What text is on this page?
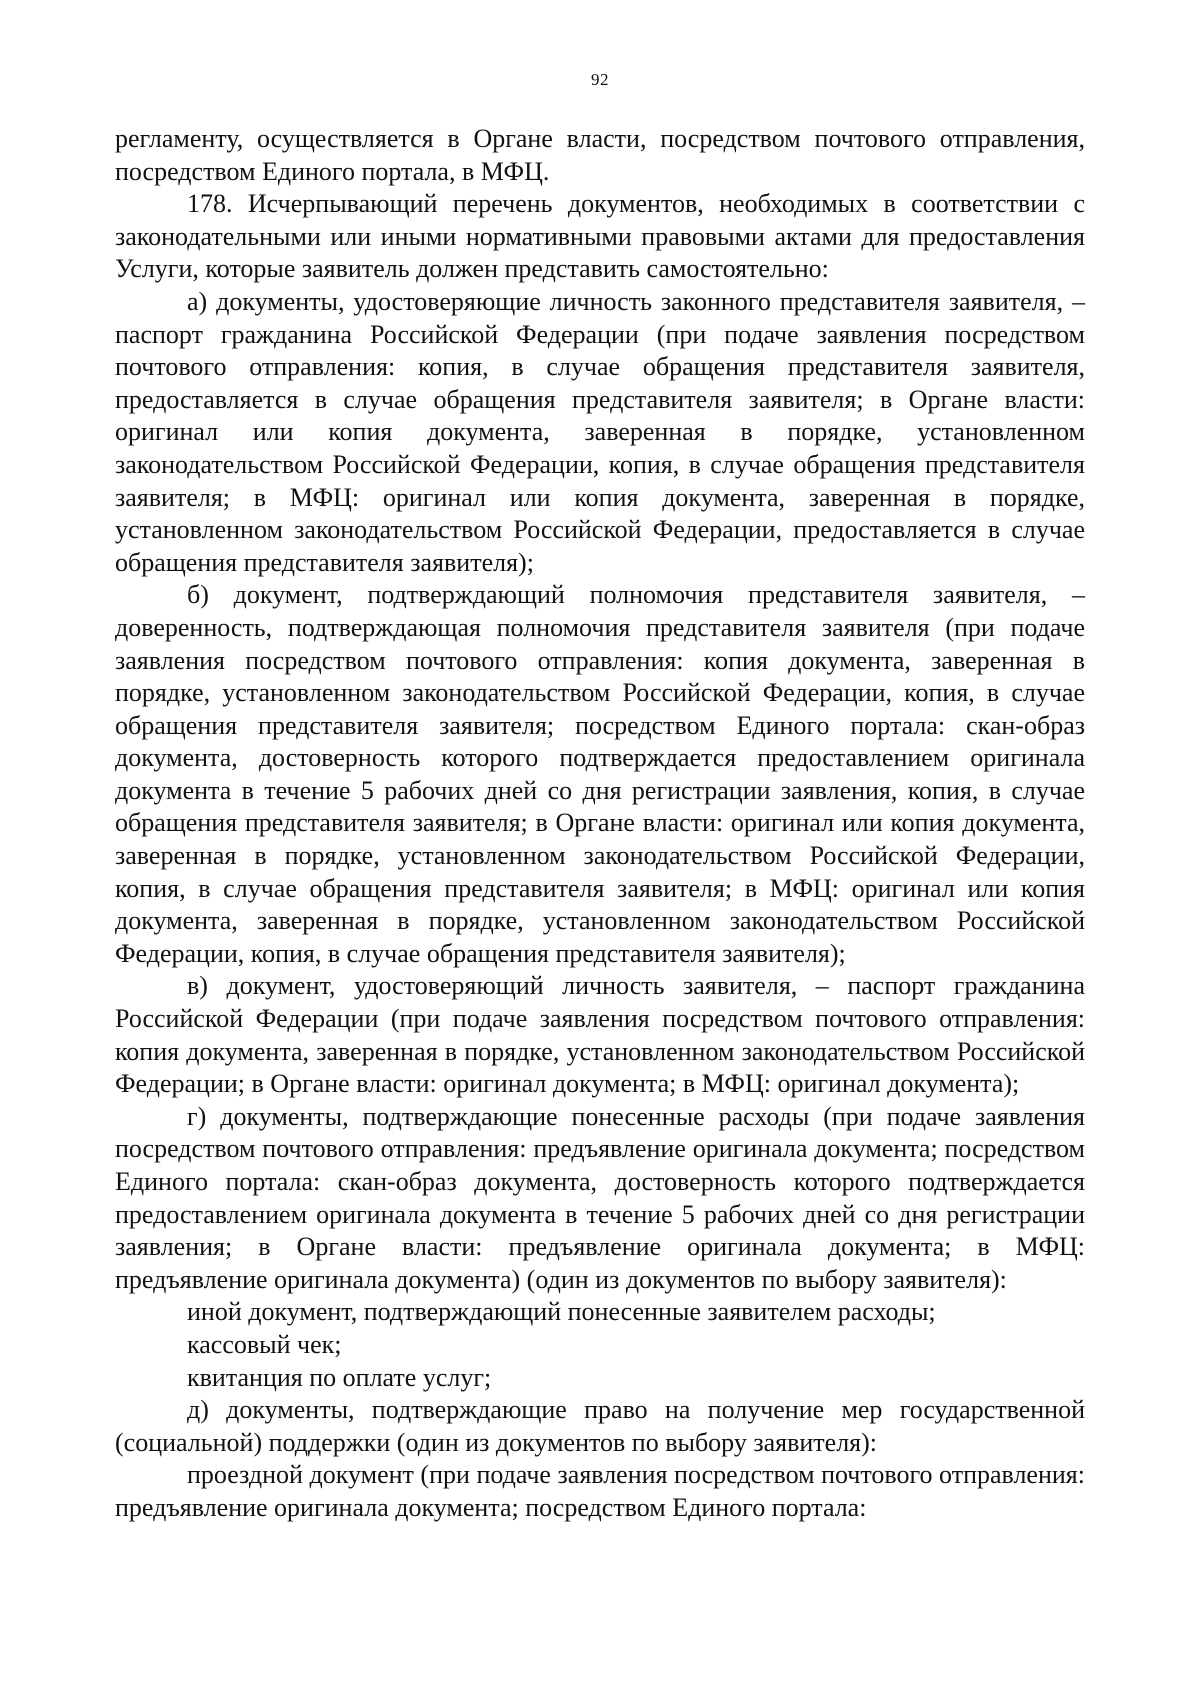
92

регламенту, осуществляется в Органе власти, посредством почтового отправления, посредством Единого портала, в МФЦ.

178. Исчерпывающий перечень документов, необходимых в соответствии с законодательными или иными нормативными правовыми актами для предоставления Услуги, которые заявитель должен представить самостоятельно:

а) документы, удостоверяющие личность законного представителя заявителя, – паспорт гражданина Российской Федерации (при подаче заявления посредством почтового отправления: копия, в случае обращения представителя заявителя, предоставляется в случае обращения представителя заявителя; в Органе власти: оригинал или копия документа, заверенная в порядке, установленном законодательством Российской Федерации, копия, в случае обращения представителя заявителя; в МФЦ: оригинал или копия документа, заверенная в порядке, установленном законодательством Российской Федерации, предоставляется в случае обращения представителя заявителя);

б) документ, подтверждающий полномочия представителя заявителя, – доверенность, подтверждающая полномочия представителя заявителя (при подаче заявления посредством почтового отправления: копия документа, заверенная в порядке, установленном законодательством Российской Федерации, копия, в случае обращения представителя заявителя; посредством Единого портала: скан-образ документа, достоверность которого подтверждается предоставлением оригинала документа в течение 5 рабочих дней со дня регистрации заявления, копия, в случае обращения представителя заявителя; в Органе власти: оригинал или копия документа, заверенная в порядке, установленном законодательством Российской Федерации, копия, в случае обращения представителя заявителя; в МФЦ: оригинал или копия документа, заверенная в порядке, установленном законодательством Российской Федерации, копия, в случае обращения представителя заявителя);

в) документ, удостоверяющий личность заявителя, – паспорт гражданина Российской Федерации (при подаче заявления посредством почтового отправления: копия документа, заверенная в порядке, установленном законодательством Российской Федерации; в Органе власти: оригинал документа; в МФЦ: оригинал документа);

г) документы, подтверждающие понесенные расходы (при подаче заявления посредством почтового отправления: предъявление оригинала документа; посредством Единого портала: скан-образ документа, достоверность которого подтверждается предоставлением оригинала документа в течение 5 рабочих дней со дня регистрации заявления; в Органе власти: предъявление оригинала документа; в МФЦ: предъявление оригинала документа) (один из документов по выбору заявителя):

иной документ, подтверждающий понесенные заявителем расходы;

кассовый чек;

квитанция по оплате услуг;

д) документы, подтверждающие право на получение мер государственной (социальной) поддержки (один из документов по выбору заявителя):

проездной документ (при подаче заявления посредством почтового отправления: предъявление оригинала документа; посредством Единого портала:
